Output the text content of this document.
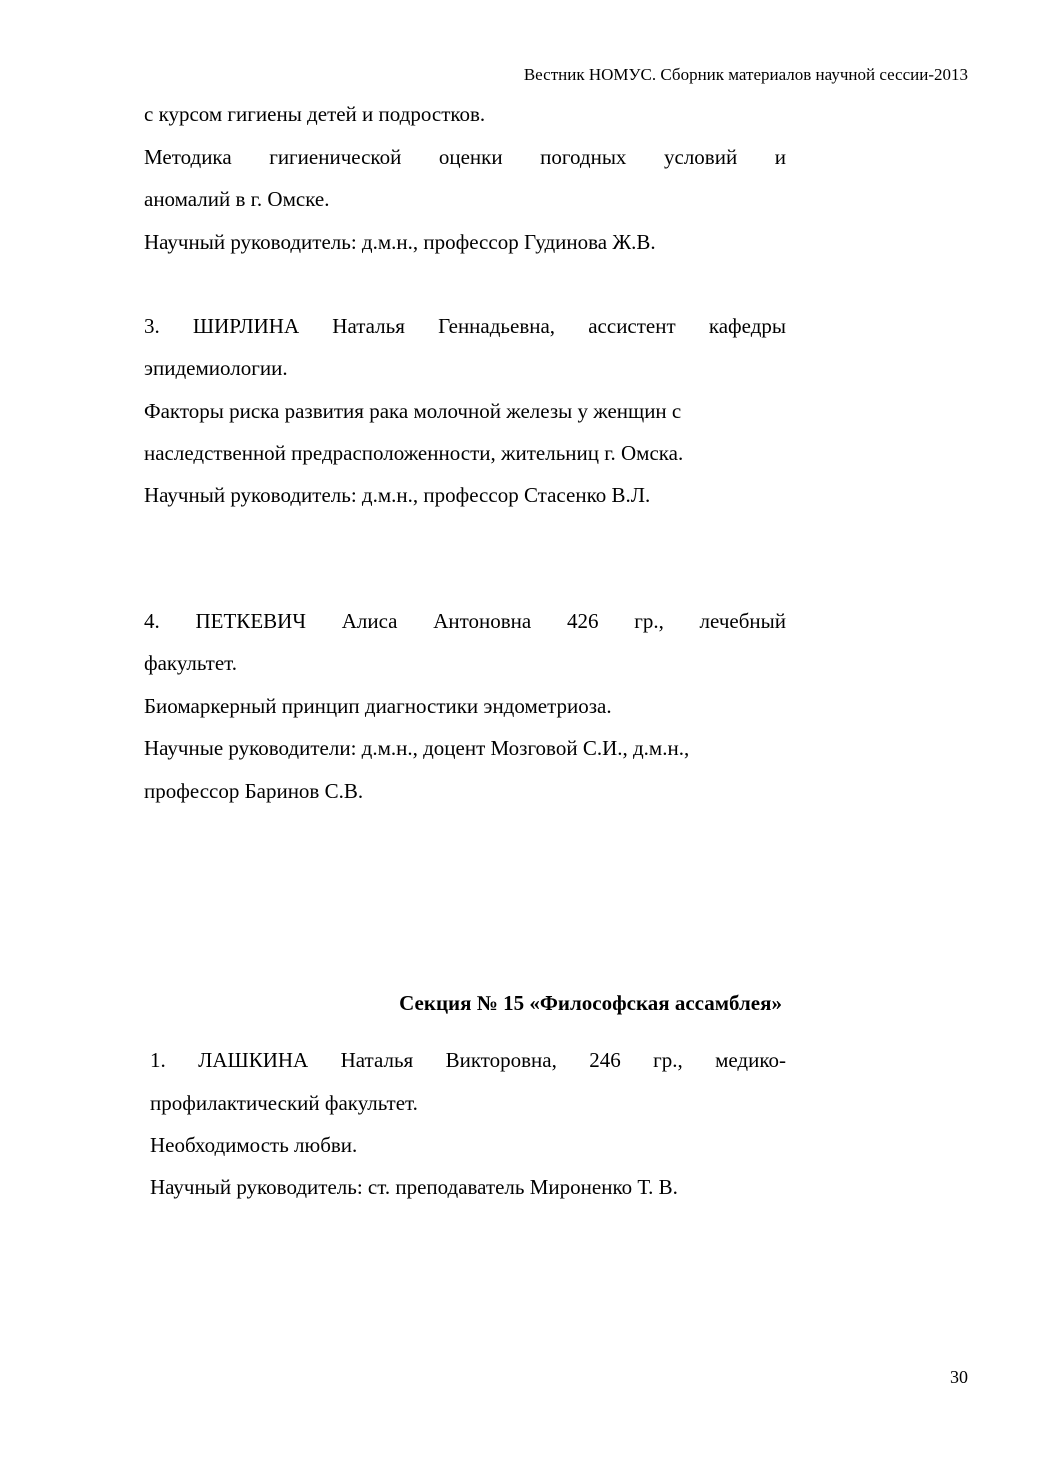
Вестник НОМУС. Сборник материалов научной сессии-2013
с курсом гигиены детей и подростков.
Методика гигиенической оценки погодных условий и
аномалий в г. Омске.
Научный руководитель: д.м.н., профессор Гудинова Ж.В.
3. ШИРЛИНА Наталья Геннадьевна, ассистент кафедры
эпидемиологии.
Факторы риска развития рака молочной железы у женщин с
наследственной предрасположенности, жительниц г. Омска.
Научный руководитель: д.м.н., профессор Стасенко В.Л.
4. ПЕТКЕВИЧ Алиса Антоновна 426 гр., лечебный
факультет.
Биомаркерный принцип диагностики эндометриоза.
Научные руководители: д.м.н., доцент Мозговой С.И., д.м.н.,
профессор Баринов С.В.
Секция № 15 «Философская ассамблея»
1. ЛАШКИНА Наталья Викторовна, 246 гр., медико-
профилактический факультет.
Необходимость любви.
Научный руководитель: ст. преподаватель Мироненко Т. В.
30
